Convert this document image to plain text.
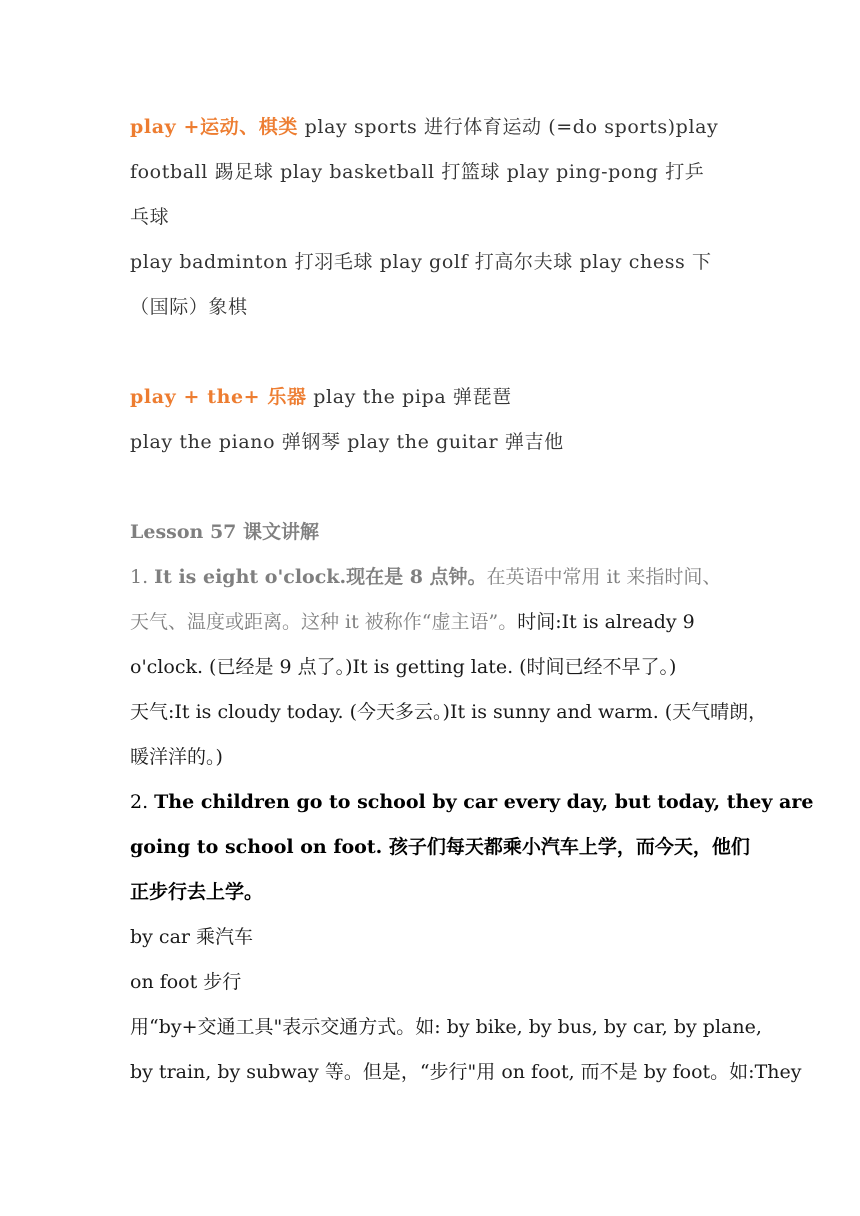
play +运动、棋类 play sports 进行体育运动 (=do sports)play
football 踢足球 play basketball 打篮球 play ping-pong 打乒
乓球
play badminton 打羽毛球 play golf 打高尔夫球 play chess 下
（国际）象棋
play + the+ 乐器 play the pipa 弹琵琶
play the piano 弹钢琴 play the guitar 弹吉他
Lesson 57 课文讲解
1. It is eight o'clock.现在是 8 点钟。在英语中常用 it 来指时间、
天气、温度或距离。这种 it 被称作“虚主语”。时间:It is already 9
o'clock. (已经是 9 点了。)It is getting late. (时间已经不早了。)
天气:It is cloudy today. (今天多云。)It is sunny and warm. (天气晴朗，
暖洋洋的。)
2. The children go to school by car every day, but today, they are
going to school on foot. 孩子们每天都乘小汽车上学，而今天，他们
正步行去上学。
by car 乘汽车
on foot 步行
用“by+交通工具"表示交通方式。如: by bike, by bus, by car, by plane,
by train, by subway 等。但是，“步行"用 on foot, 而不是 by foot。如:They
